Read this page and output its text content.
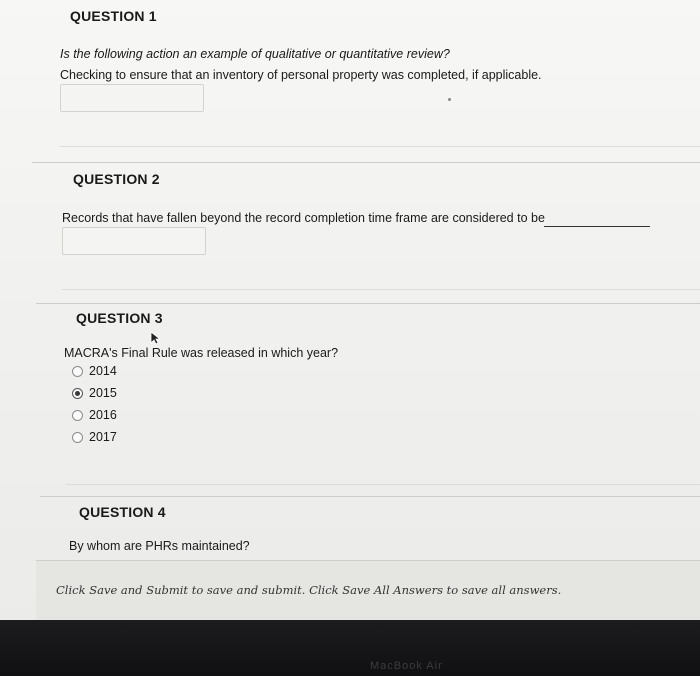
QUESTION 1
Is the following action an example of qualitative or quantitative review?
Checking to ensure that an inventory of personal property was completed, if applicable.
QUESTION 2
Records that have fallen beyond the record completion time frame are considered to be
QUESTION 3
MACRA's Final Rule was released in which year?
2014
2015
2016
2017
QUESTION 4
By whom are PHRs maintained?
Click Save and Submit to save and submit. Click Save All Answers to save all answers.
MacBook Air
